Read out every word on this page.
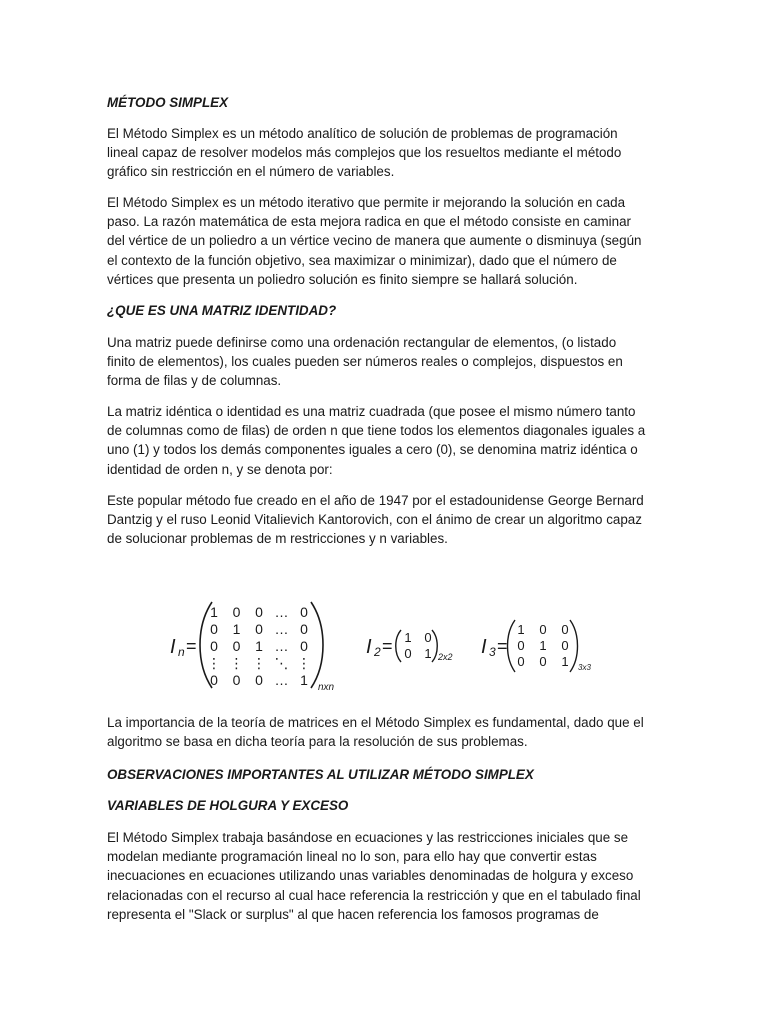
MÉTODO SIMPLEX
El Método Simplex es un método analítico de solución de problemas de programación
lineal capaz de resolver modelos más complejos que los resueltos mediante el método
gráfico sin restricción en el número de variables.
El Método Simplex es un método iterativo que permite ir mejorando la solución en cada
paso. La razón matemática de esta mejora radica en que el método consiste en caminar
del vértice de un poliedro a un vértice vecino de manera que aumente o disminuya (según
el contexto de la función objetivo, sea maximizar o minimizar), dado que el número de
vértices que presenta un poliedro solución es finito siempre se hallará solución.
¿QUE ES UNA MATRIZ IDENTIDAD?
Una matriz puede definirse como una ordenación rectangular de elementos, (o listado
finito de elementos), los cuales pueden ser números reales o complejos, dispuestos en
forma de filas y de columnas.
La matriz idéntica o identidad es una matriz cuadrada (que posee el mismo número tanto
de columnas como de filas) de orden n que tiene todos los elementos diagonales iguales a
uno (1) y todos los demás componentes iguales a cero (0), se denomina matriz idéntica o
identidad de orden n, y se denota por:
Este popular método fue creado en el año de 1947 por el estadounidense George Bernard
Dantzig y el ruso Leonid Vitalievich Kantorovich, con el ánimo de crear un algoritmo capaz
de solucionar problemas de m restricciones y n variables.
I n =
1 0 0 … 0
0 1 0 … 0
0 0 1 … 0
⋮ ⋮ ⋮ ⋱ ⋮
0 0 0 … 1 nxn
I 2 = 1 0
0 1 2x2 I 3 =
1 0 0
0 1 0
0 0 1 3x3
La importancia de la teoría de matrices en el Método Simplex es fundamental, dado que el
algoritmo se basa en dicha teoría para la resolución de sus problemas.
OBSERVACIONES IMPORTANTES AL UTILIZAR MÉTODO SIMPLEX
VARIABLES DE HOLGURA Y EXCESO
El Método Simplex trabaja basándose en ecuaciones y las restricciones iniciales que se
modelan mediante programación lineal no lo son, para ello hay que convertir estas
inecuaciones en ecuaciones utilizando unas variables denominadas de holgura y exceso
relacionadas con el recurso al cual hace referencia la restricción y que en el tabulado final
representa el "Slack or surplus" al que hacen referencia los famosos programas de
